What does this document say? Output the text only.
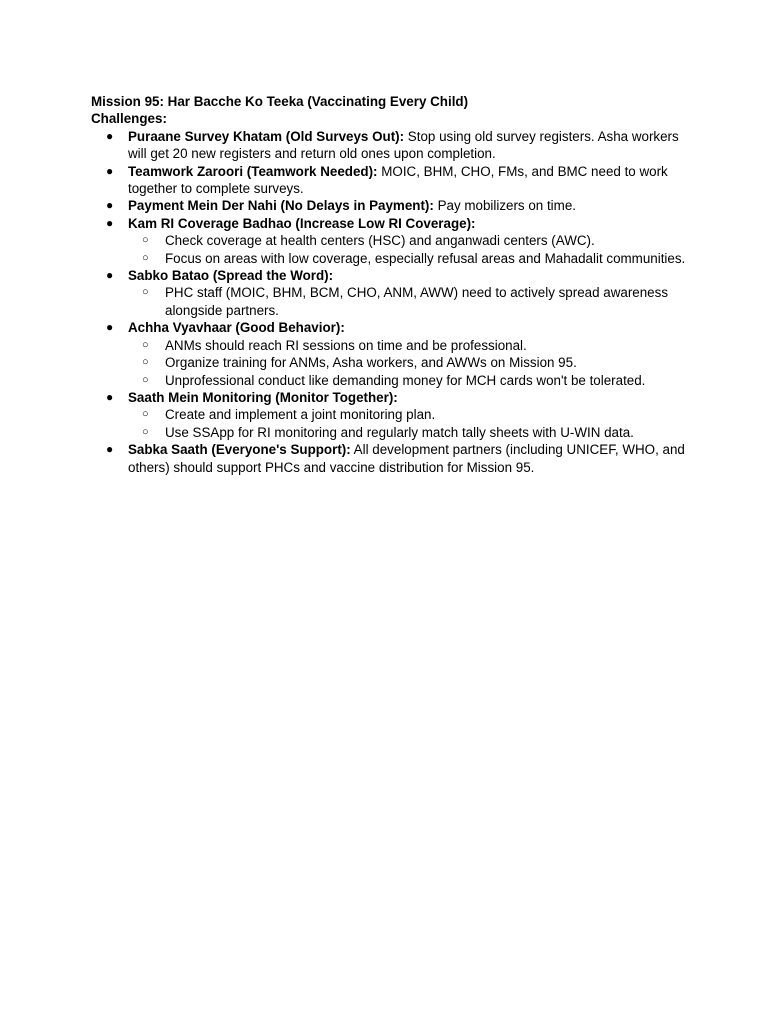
Mission 95: Har Bacche Ko Teeka (Vaccinating Every Child)

Challenges:

● Puraane Survey Khatam (Old Surveys Out): Stop using old survey registers. Asha workers will get 20 new registers and return old ones upon completion.
● Teamwork Zaroori (Teamwork Needed): MOIC, BHM, CHO, FMs, and BMC need to work together to complete surveys.
● Payment Mein Der Nahi (No Delays in Payment): Pay mobilizers on time.
● Kam RI Coverage Badhao (Increase Low RI Coverage):
○ Check coverage at health centers (HSC) and anganwadi centers (AWC).
○ Focus on areas with low coverage, especially refusal areas and Mahadalit communities.
● Sabko Batao (Spread the Word):
○ PHC staff (MOIC, BHM, BCM, CHO, ANM, AWW) need to actively spread awareness alongside partners.
● Achha Vyavhaar (Good Behavior):
○ ANMs should reach RI sessions on time and be professional.
○ Organize training for ANMs, Asha workers, and AWWs on Mission 95.
○ Unprofessional conduct like demanding money for MCH cards won't be tolerated.
● Saath Mein Monitoring (Monitor Together):
○ Create and implement a joint monitoring plan.
○ Use SSApp for RI monitoring and regularly match tally sheets with U-WIN data.
● Sabka Saath (Everyone's Support): All development partners (including UNICEF, WHO, and others) should support PHCs and vaccine distribution for Mission 95.
